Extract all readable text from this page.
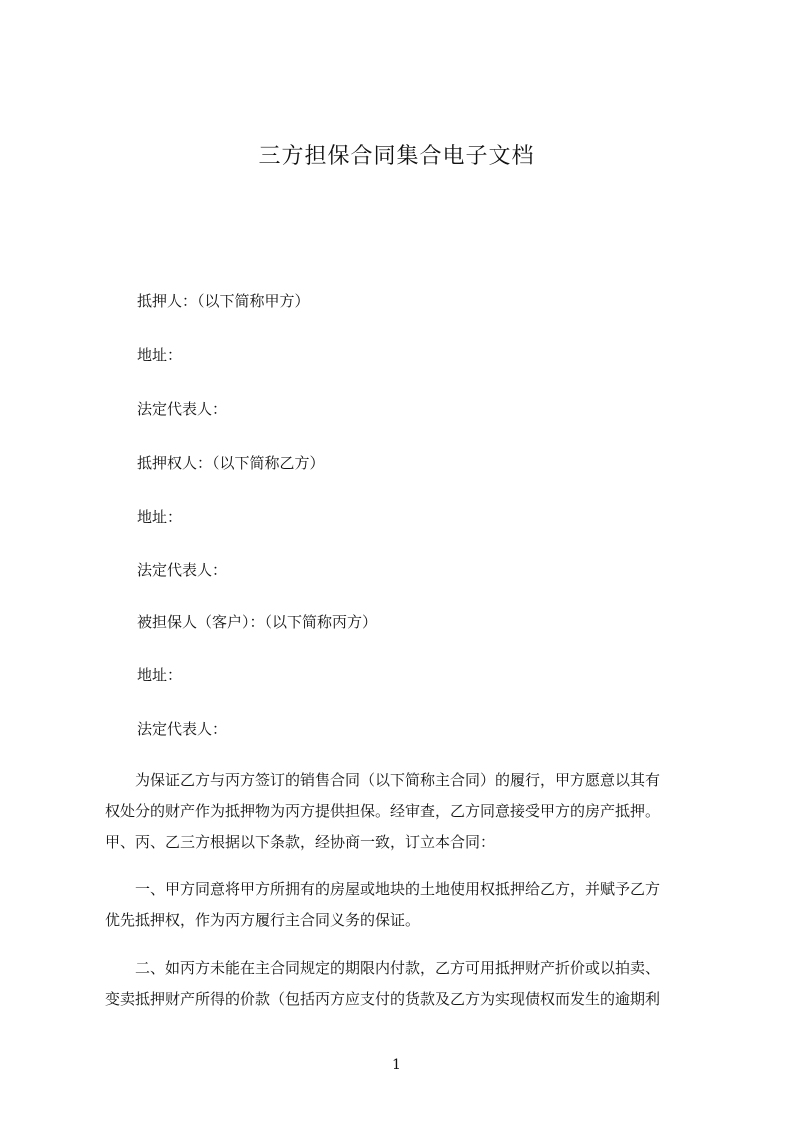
三方担保合同集合电子文档
抵押人：（以下简称甲方）
地址：
法定代表人：
抵押权人：（以下简称乙方）
地址：
法定代表人：
被担保人（客户）：（以下简称丙方）
地址：
法定代表人：
　　为保证乙方与丙方签订的销售合同（以下简称主合同）的履行，甲方愿意以其有
权处分的财产作为抵押物为丙方提供担保。经审查，乙方同意接受甲方的房产抵押。
甲、丙、乙三方根据以下条款，经协商一致，订立本合同：
　　一、甲方同意将甲方所拥有的房屋或地块的土地使用权抵押给乙方，并赋予乙方
优先抵押权，作为丙方履行主合同义务的保证。
　　二、如丙方未能在主合同规定的期限内付款，乙方可用抵押财产折价或以拍卖、
变卖抵押财产所得的价款（包括丙方应支付的货款及乙方为实现债权而发生的逾期利
1
